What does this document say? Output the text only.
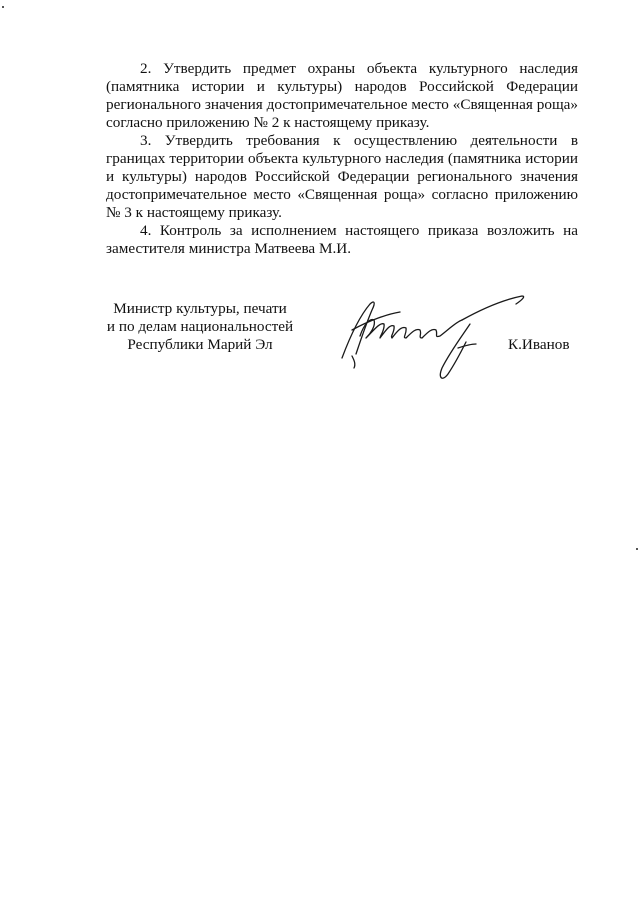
2. Утвердить предмет охраны объекта культурного наследия (памятника истории и культуры) народов Российской Федерации регионального значения достопримечательное место «Священная роща» согласно приложению № 2 к настоящему приказу.

3. Утвердить требования к осуществлению деятельности в границах территории объекта культурного наследия (памятника истории и культуры) народов Российской Федерации регионального значения достопримечательное место «Священная роща» согласно приложению № 3 к настоящему приказу.

4. Контроль за исполнением настоящего приказа возложить на заместителя министра Матвеева М.И.

Министр культуры, печати
и по делам национальностей
Республики Марий Эл	К.Иванов
